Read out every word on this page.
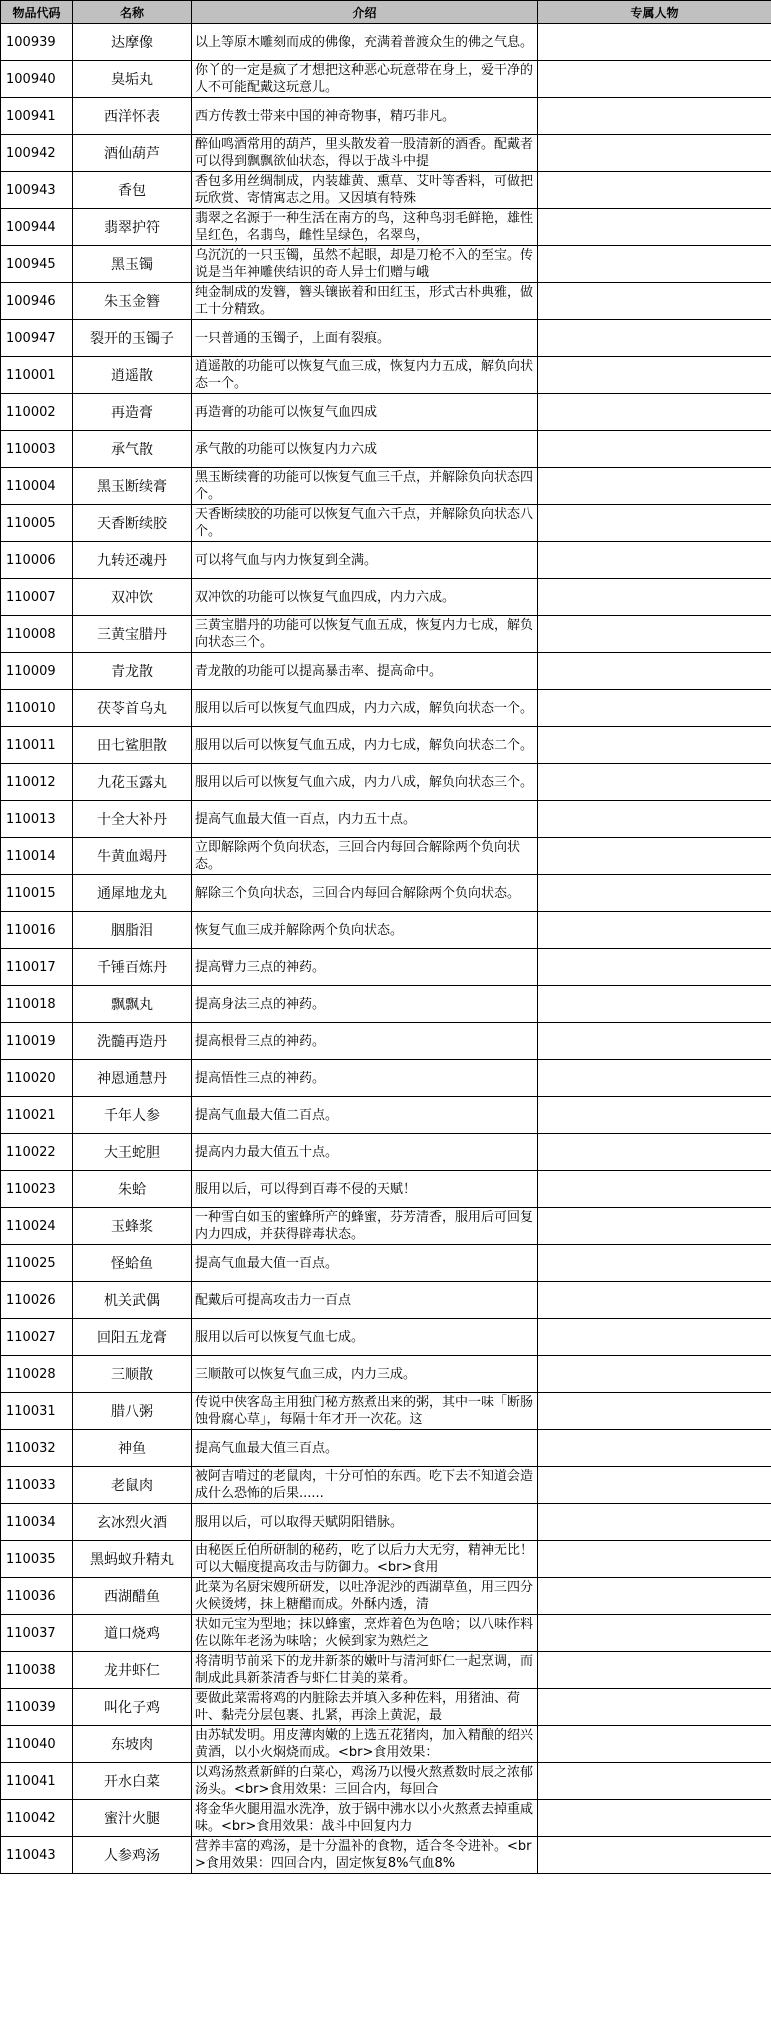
物品代码	名称	介绍	专属人物
100939	达摩像	以上等原木雕刻而成的佛像，充满着普渡众生的佛之气息。	

100940	臭垢丸	你丫的一定是疯了才想把这种恶心玩意带在身上，爱干净的人不可能配戴这玩意儿。	

100941	西洋怀表	西方传教士带来中国的神奇物事，精巧非凡。	

100942	酒仙葫芦	醉仙鸣酒常用的葫芦，里头散发着一股清新的酒香。配戴者可以得到飘飘欲仙状态，得以于战斗中提	

100943	香包	香包多用丝绸制成，内装雄黄、熏草、艾叶等香料，可做把玩欣赏、寄情寓志之用。又因填有特殊	

100944	翡翠护符	翡翠之名源于一种生活在南方的鸟，这种鸟羽毛鲜艳，雄性呈红色，名翡鸟，雌性呈绿色，名翠鸟，	

100945	黑玉镯	乌沉沉的一只玉镯，虽然不起眼，却是刀枪不入的至宝。传说是当年神雕侠结识的奇人异士们赠与峨	

100946	朱玉金簪	纯金制成的发簪，簪头镶嵌着和田红玉，形式古朴典雅，做工十分精致。	

100947	裂开的玉镯子	一只普通的玉镯子，上面有裂痕。	

110001	逍遥散	逍遥散的功能可以恢复气血三成，恢复内力五成，解负向状态一个。	

110002	再造膏	再造膏的功能可以恢复气血四成	

110003	承气散	承气散的功能可以恢复内力六成	

110004	黑玉断续膏	黑玉断续膏的功能可以恢复气血三千点，并解除负向状态四个。	

110005	天香断续胶	天香断续胶的功能可以恢复气血六千点，并解除负向状态八个。	

110006	九转还魂丹	可以将气血与内力恢复到全满。	

110007	双冲饮	双冲饮的功能可以恢复气血四成，内力六成。	

110008	三黄宝腊丹	三黄宝腊丹的功能可以恢复气血五成，恢复内力七成，解负向状态三个。	

110009	青龙散	青龙散的功能可以提高暴击率、提高命中。	

110010	茯苓首乌丸	服用以后可以恢复气血四成，内力六成，解负向状态一个。	

110011	田七鲨胆散	服用以后可以恢复气血五成，内力七成，解负向状态二个。	

110012	九花玉露丸	服用以后可以恢复气血六成，内力八成，解负向状态三个。	

110013	十全大补丹	提高气血最大值一百点，内力五十点。	

110014	牛黄血竭丹	立即解除两个负向状态，三回合内每回合解除两个负向状态。	

110015	通犀地龙丸	解除三个负向状态，三回合内每回合解除两个负向状态。	

110016	胭脂泪	恢复气血三成并解除两个负向状态。	

110017	千锤百炼丹	提高臂力三点的神药。	

110018	飘飘丸	提高身法三点的神药。	

110019	洗髓再造丹	提高根骨三点的神药。	

110020	神恩通慧丹	提高悟性三点的神药。	

110021	千年人参	提高气血最大值二百点。	

110022	大王蛇胆	提高内力最大值五十点。	

110023	朱蛤	服用以后，可以得到百毒不侵的天赋！	

110024	玉蜂浆	一种雪白如玉的蜜蜂所产的蜂蜜，芬芳清香，服用后可回复内力四成，并获得辟毒状态。	

110025	怪蛤鱼	提高气血最大值一百点。	

110026	机关武偶	配戴后可提高攻击力一百点	

110027	回阳五龙膏	服用以后可以恢复气血七成。	

110028	三顺散	三顺散可以恢复气血三成，内力三成。	

110031	腊八粥	传说中侠客岛主用独门秘方熬煮出来的粥，其中一味「断肠蚀骨腐心草」，每隔十年才开一次花。这	

110032	神鱼	提高气血最大值三百点。	

110033	老鼠肉	被阿吉啃过的老鼠肉，十分可怕的东西。吃下去不知道会造成什么恐怖的后果......	

110034	玄冰烈火酒	服用以后，可以取得天赋阴阳错脉。	

110035	黑蚂蚁升精丸	由秘医丘伯所研制的秘药，吃了以后力大无穷，精神无比！可以大幅度提高攻击与防御力。<br>食用	

110036	西湖醋鱼	此菜为名厨宋嫂所研发，以吐净泥沙的西湖草鱼，用三四分火候烫烤，抹上糖醋而成。外酥内透，清	

110037	道口烧鸡	状如元宝为型地；抹以蜂蜜，烹炸着色为色啥；以八味作料佐以陈年老汤为味啥；火候到家为熟烂之	

110038	龙井虾仁	将清明节前采下的龙井新茶的嫩叶与清河虾仁一起烹调，而制成此具新茶清香与虾仁甘美的菜肴。	

110039	叫化子鸡	要做此菜需将鸡的内脏除去并填入多种佐料，用猪油、荷叶、黏壳分层包裹、扎紧，再涂上黄泥，最	

110040	东坡肉	由苏轼发明。用皮薄肉嫩的上选五花猪肉，加入精酿的绍兴黄酒，以小火焖烧而成。<br>食用效果：	

110041	开水白菜	以鸡汤熬煮新鲜的白菜心，鸡汤乃以慢火熬煮数时辰之浓郁汤头。<br>食用效果：三回合内，每回合	

110042	蜜汁火腿	将金华火腿用温水洗净，放于锅中沸水以小火熬煮去掉重咸味。<br>食用效果：战斗中回复内力	

110043	人参鸡汤	营养丰富的鸡汤，是十分温补的食物，适合冬令进补。<br>食用效果：四回合内，固定恢复8%气血8%	
